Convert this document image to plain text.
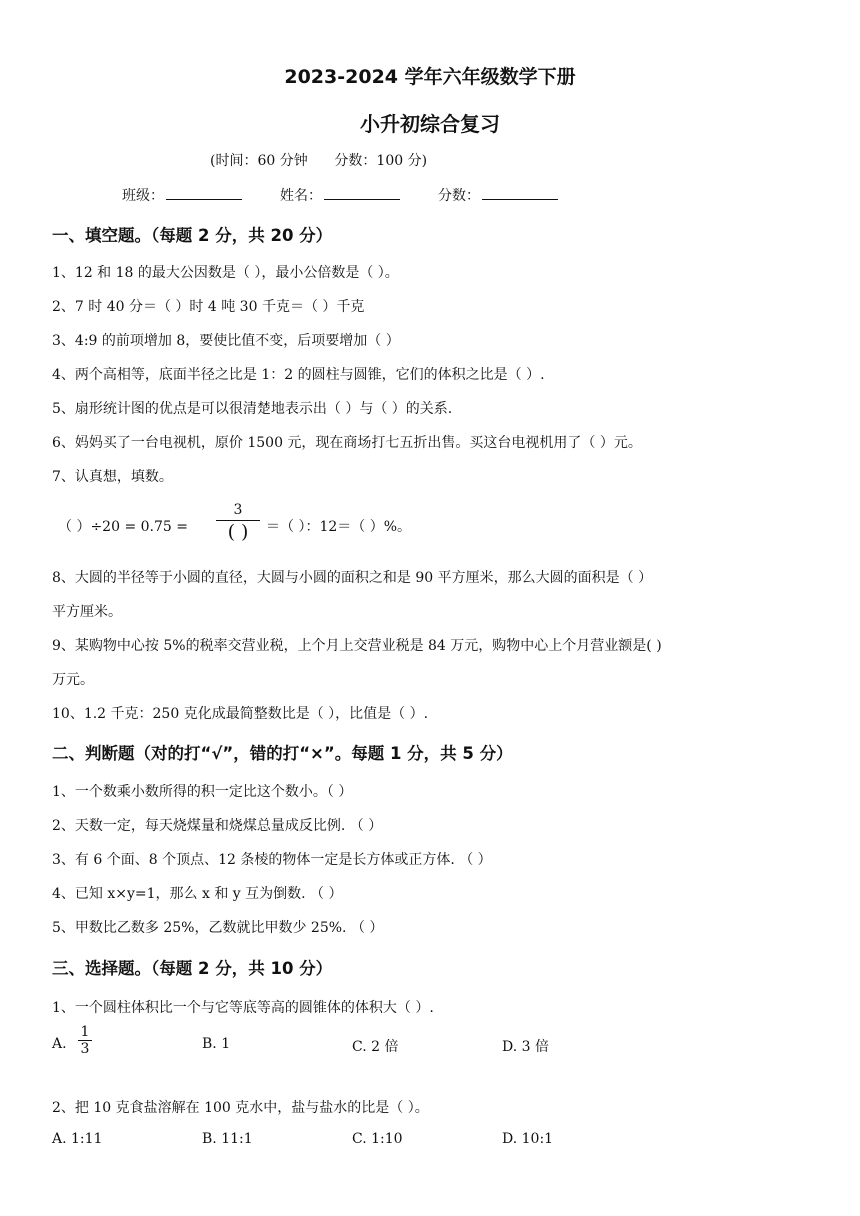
2023-2024 学年六年级数学下册
小升初综合复习
(时间：60 分钟      分数：100 分)
班级：	姓名：	分数：
一、填空题。（每题 2 分，共 20 分）
1、12 和 18 的最大公因数是（ ），最小公倍数是（ ）。
2、7 时 40 分＝（ ）时 4 吨 30 千克＝（ ）千克
3、4:9 的前项增加 8，要使比值不变，后项要增加（ ）
4、两个高相等，底面半径之比是 1：2 的圆柱与圆锥，它们的体积之比是（ ）.
5、扇形统计图的优点是可以很清楚地表示出（ ）与（ ）的关系.
6、妈妈买了一台电视机，原价 1500 元，现在商场打七五折出售。买这台电视机用了（ ）元。
7、认真想，填数。
（ ）÷20 = 0.75 =
3
( )	＝（ ）：12＝（ ）%。
8、大圆的半径等于小圆的直径，大圆与小圆的面积之和是 90 平方厘米，那么大圆的面积是（ ）
平方厘米。
9、某购物中心按 5%的税率交营业税，上个月上交营业税是 84 万元，购物中心上个月营业额是( )
万元。
10、1.2 千克：250 克化成最简整数比是（ ），比值是（ ）.
二、判断题（对的打“√”，错的打“×”。每题 1 分，共 5 分）
1、一个数乘小数所得的积一定比这个数小。（ ）
2、天数一定，每天烧煤量和烧煤总量成反比例. （ ）
3、有 6 个面、8 个顶点、12 条棱的物体一定是长方体或正方体. （ ）
4、已知 x×y=1，那么 x 和 y 互为倒数. （ ）
5、甲数比乙数多 25%，乙数就比甲数少 25%. （ ）
三、选择题。（每题 2 分，共 10 分）
1、一个圆柱体积比一个与它等底等高的圆锥体的体积大（ ）.
A. $\frac{1}{3}$	B. 1	C. 2 倍	D. 3 倍
2、把 10 克食盐溶解在 100 克水中，盐与盐水的比是（ ）。
A. 1:11	B. 11:1	C. 1:10	D. 10:1
